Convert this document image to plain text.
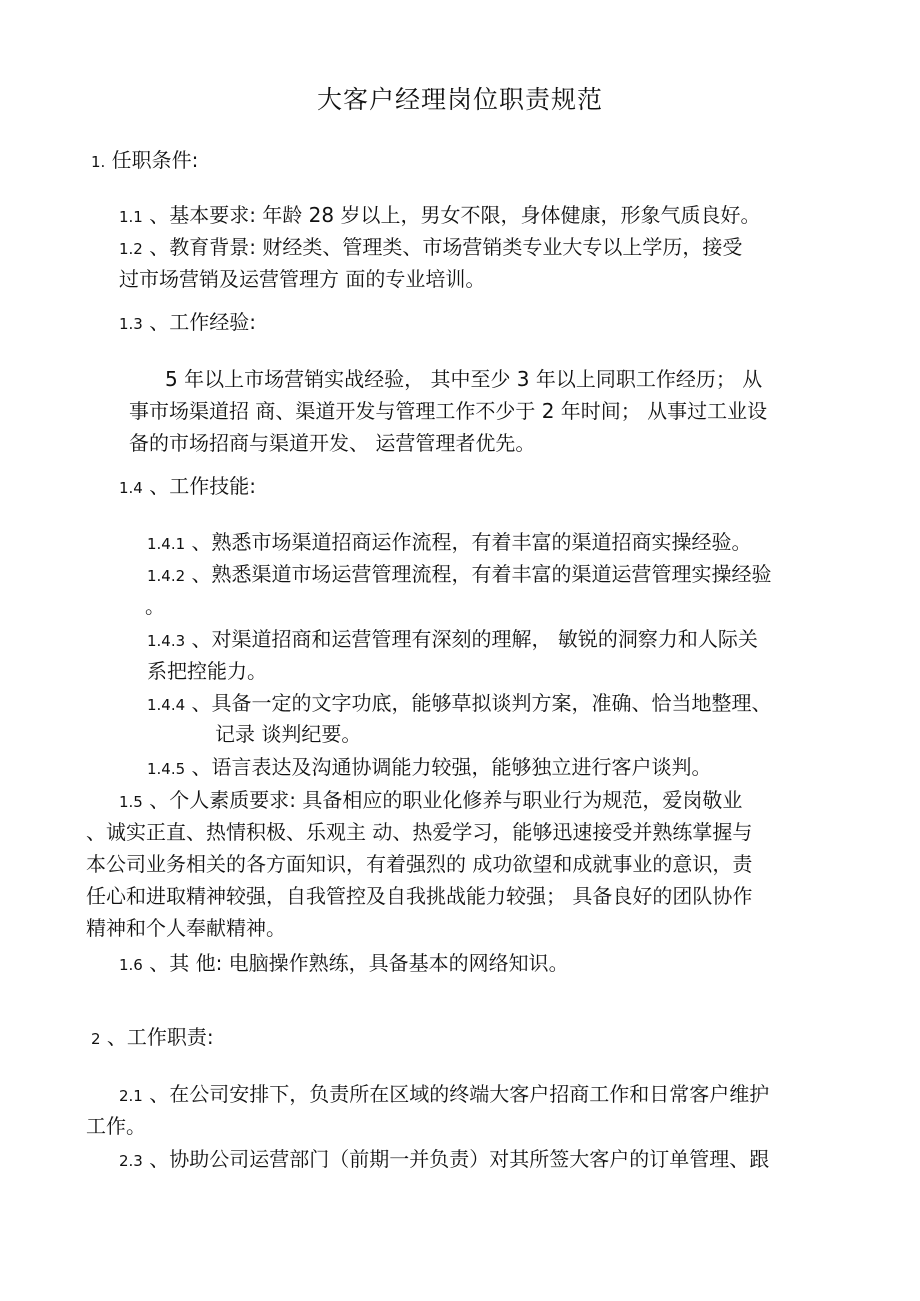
大客户经理岗位职责规范
1. 任职条件:
1.1 、基本要求: 年龄 28 岁以上，男女不限，身体健康，形象气质良好。
1.2 、教育背景: 财经类、管理类、市场营销类专业大专以上学历，接受
过市场营销及运营管理方 面的专业培训。
1.3 、工作经验:
5 年以上市场营销实战经验， 其中至少 3 年以上同职工作经历； 从
事市场渠道招 商、渠道开发与管理工作不少于 2 年时间； 从事过工业设
备的市场招商与渠道开发、 运营管理者优先。
1.4 、工作技能:
1.4.1 、熟悉市场渠道招商运作流程，有着丰富的渠道招商实操经验。
1.4.2 、熟悉渠道市场运营管理流程，有着丰富的渠道运营管理实操经验
。
1.4.3 、对渠道招商和运营管理有深刻的理解， 敏锐的洞察力和人际关
系把控能力。
1.4.4 、具备一定的文字功底，能够草拟谈判方案，准确、恰当地整理、
记录 谈判纪要。
1.4.5 、语言表达及沟通协调能力较强，能够独立进行客户谈判。
1.5 、个人素质要求: 具备相应的职业化修养与职业行为规范，爱岗敬业
、诚实正直、热情积极、乐观主 动、热爱学习，能够迅速接受并熟练掌握与
本公司业务相关的各方面知识，有着强烈的 成功欲望和成就事业的意识，责
任心和进取精神较强，自我管控及自我挑战能力较强； 具备良好的团队协作
精神和个人奉献精神。
1.6 、其 他: 电脑操作熟练，具备基本的网络知识。
2 、工作职责:
2.1 、在公司安排下，负责所在区域的终端大客户招商工作和日常客户维护
工作。
2.3 、协助公司运营部门（前期一并负责）对其所签大客户的订单管理、跟
